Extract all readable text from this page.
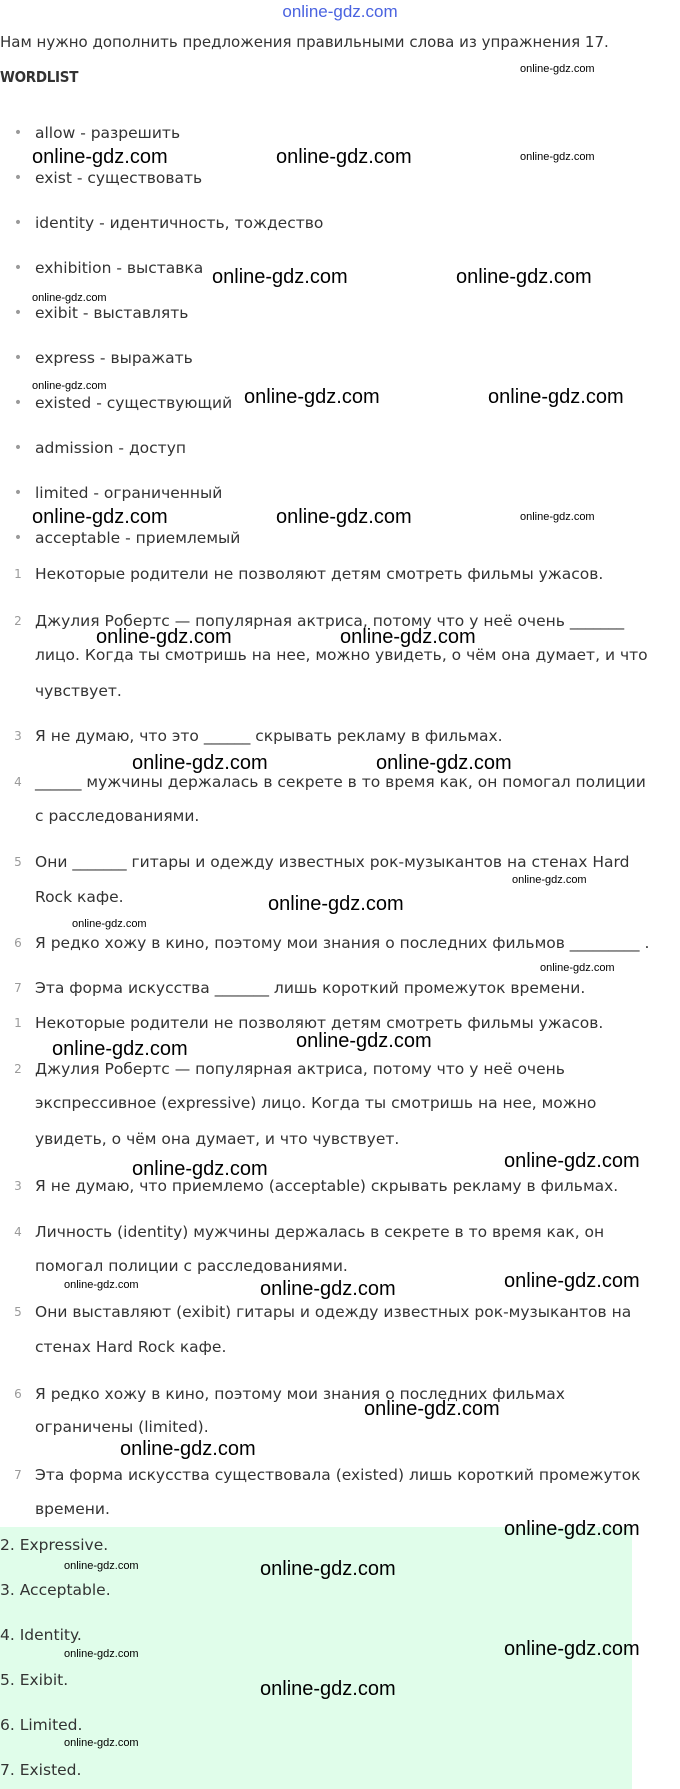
online-gdz.com
Нам нужно дополнить предложения правильными слова из упражнения 17.
WORDLIST
• allow - разрешить
• exist - существовать
• identity - идентичность, тождество
• exhibition - выставка
• exibit - выставлять
• express - выражать
• existed - существующий
• admission - доступ
• limited - ограниченный
• acceptable - приемлемый
1 Некоторые родители не позволяют детям смотреть фильмы ужасов.
2 Джулия Робертс — популярная актриса, потому что у неё очень _______
лицо. Когда ты смотришь на нее, можно увидеть, о чём она думает, и что
чувствует.
3 Я не думаю, что это ______ скрывать рекламу в фильмах.
4 ______ мужчины держалась в секрете в то время как, он помогал полиции
с расследованиями.
5 Они _______ гитары и одежду известных рок-музыкантов на стенах Hard
Rock кафе.
6 Я редко хожу в кино, поэтому мои знания о последних фильмов _________ .
7 Эта форма искусства _______ лишь короткий промежуток времени.
1 Некоторые родители не позволяют детям смотреть фильмы ужасов.
2 Джулия Робертс — популярная актриса, потому что у неё очень
экспрессивное (expressive) лицо. Когда ты смотришь на нее, можно
увидеть, о чём она думает, и что чувствует.
3 Я не думаю, что приемлемо (acceptable) скрывать рекламу в фильмах.
4 Личность (identity) мужчины держалась в секрете в то время как, он
помогал полиции с расследованиями.
5 Они выставляют (exibit) гитары и одежду известных рок-музыкантов на
стенах Hard Rock кафе.
6 Я редко хожу в кино, поэтому мои знания о последних фильмах
ограничены (limited).
7 Эта форма искусства существовала (existed) лишь короткий промежуток
времени.
2. Expressive.
3. Acceptable.
4. Identity.
5. Exibit.
6. Limited.
7. Existed.
online-gdz.com
online-gdz.com	online-gdz.com	online-gdz.com
online-gdz.com	online-gdz.com
online-gdz.com
online-gdz.com	online-gdz.com	online-gdz.com
online-gdz.com	online-gdz.com	online-gdz.com
online-gdz.com	online-gdz.com
online-gdz.com	online-gdz.com
online-gdz.com
online-gdz.com
online-gdz.com
online-gdz.com
online-gdz.com
online-gdz.com
online-gdz.com
online-gdz.com
online-gdz.com
online-gdz.com	online-gdz.com
online-gdz.com
online-gdz.com
online-gdz.com
online-gdz.com	online-gdz.com
online-gdz.com
online-gdz.com
online-gdz.com
online-gdz.com
